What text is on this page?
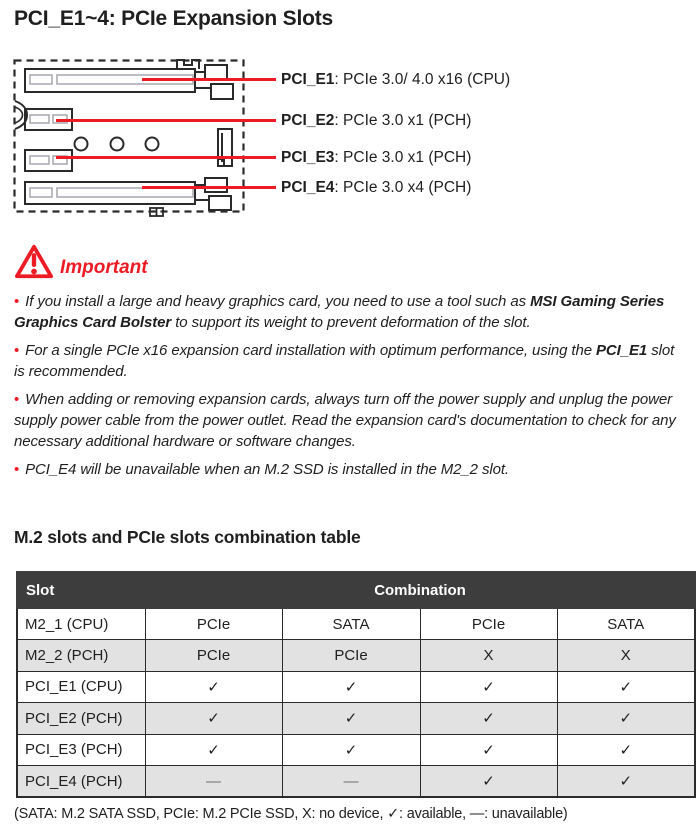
PCI_E1~4: PCIe Expansion Slots
PCI_E1: PCIe 3.0/ 4.0 x16 (CPU)
PCI_E2: PCIe 3.0 x1 (PCH)
PCI_E3: PCIe 3.0 x1 (PCH)
PCI_E4: PCIe 3.0 x4 (PCH)
Important

• If you install a large and heavy graphics card, you need to use a tool such as MSI Gaming Series Graphics Card Bolster to support its weight to prevent deformation of the slot.

• For a single PCIe x16 expansion card installation with optimum performance, using the PCI_E1 slot is recommended.

• When adding or removing expansion cards, always turn off the power supply and unplug the power supply power cable from the power outlet. Read the expansion card's documentation to check for any necessary additional hardware or software changes.

• PCI_E4 will be unavailable when an M.2 SSD is installed in the M2_2 slot.

M.2 slots and PCIe slots combination table
Slot	Combination			
M2_1 (CPU)	PCIe	SATA	PCIe	SATA
M2_2 (PCH)	PCIe	PCIe	X	X
PCI_E1 (CPU)	✓	✓	✓	✓
PCI_E2 (PCH)	✓	✓	✓	✓
PCI_E3 (PCH)	✓	✓	✓	✓
PCI_E4 (PCH)	—	—	✓	✓

(SATA: M.2 SATA SSD, PCIe: M.2 PCIe SSD, X: no device, ✓: available, —: unavailable)
